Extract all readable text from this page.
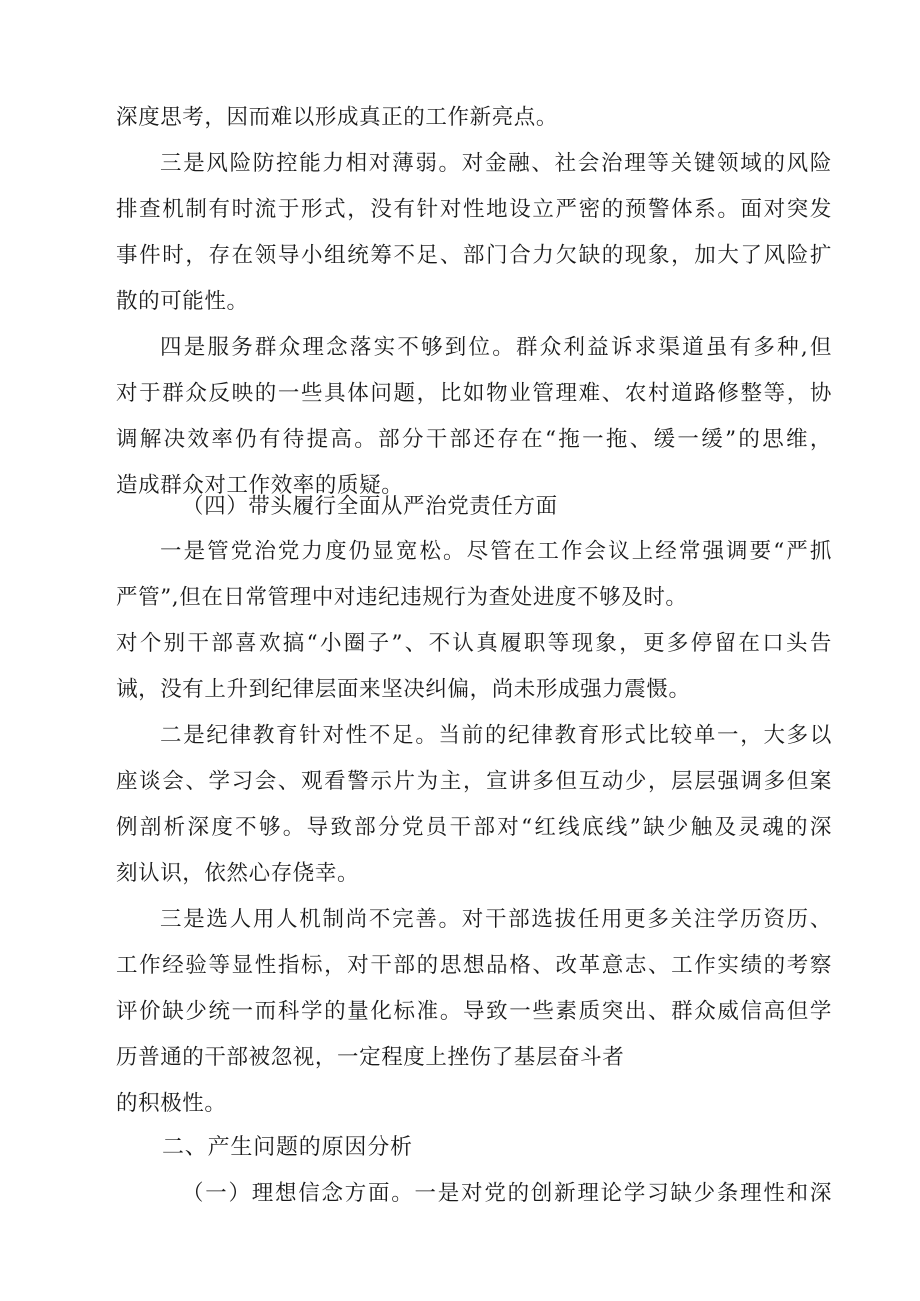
深度思考，因而难以形成真正的工作新亮点。
三是风险防控能力相对薄弱。对金融、社会治理等关键领域的风险
排查机制有时流于形式，没有针对性地设立严密的预警体系。面对突发
事件时，存在领导小组统筹不足、部门合力欠缺的现象，加大了风险扩
散的可能性。
四是服务群众理念落实不够到位。群众利益诉求渠道虽有多种,但
对于群众反映的一些具体问题，比如物业管理难、农村道路修整等，协
调解决效率仍有待提高。部分干部还存在“拖一拖、缓一缓”的思维，
造成群众对工作效率的质疑。
（四）带头履行全面从严治党责任方面
一是管党治党力度仍显宽松。尽管在工作会议上经常强调要“严抓
严管”,但在日常管理中对违纪违规行为查处进度不够及时。
对个别干部喜欢搞“小圈子”、不认真履职等现象，更多停留在口头告
诫，没有上升到纪律层面来坚决纠偏，尚未形成强力震慑。
二是纪律教育针对性不足。当前的纪律教育形式比较单一，大多以
座谈会、学习会、观看警示片为主，宣讲多但互动少，层层强调多但案
例剖析深度不够。导致部分党员干部对“红线底线”缺少触及灵魂的深
刻认识，依然心存侥幸。
三是选人用人机制尚不完善。对干部选拔任用更多关注学历资历、
工作经验等显性指标，对干部的思想品格、改革意志、工作实绩的考察
评价缺少统一而科学的量化标准。导致一些素质突出、群众威信高但学
历普通的干部被忽视，一定程度上挫伤了基层奋斗者
的积极性。
二、产生问题的原因分析
（一）理想信念方面。一是对党的创新理论学习缺少条理性和深
